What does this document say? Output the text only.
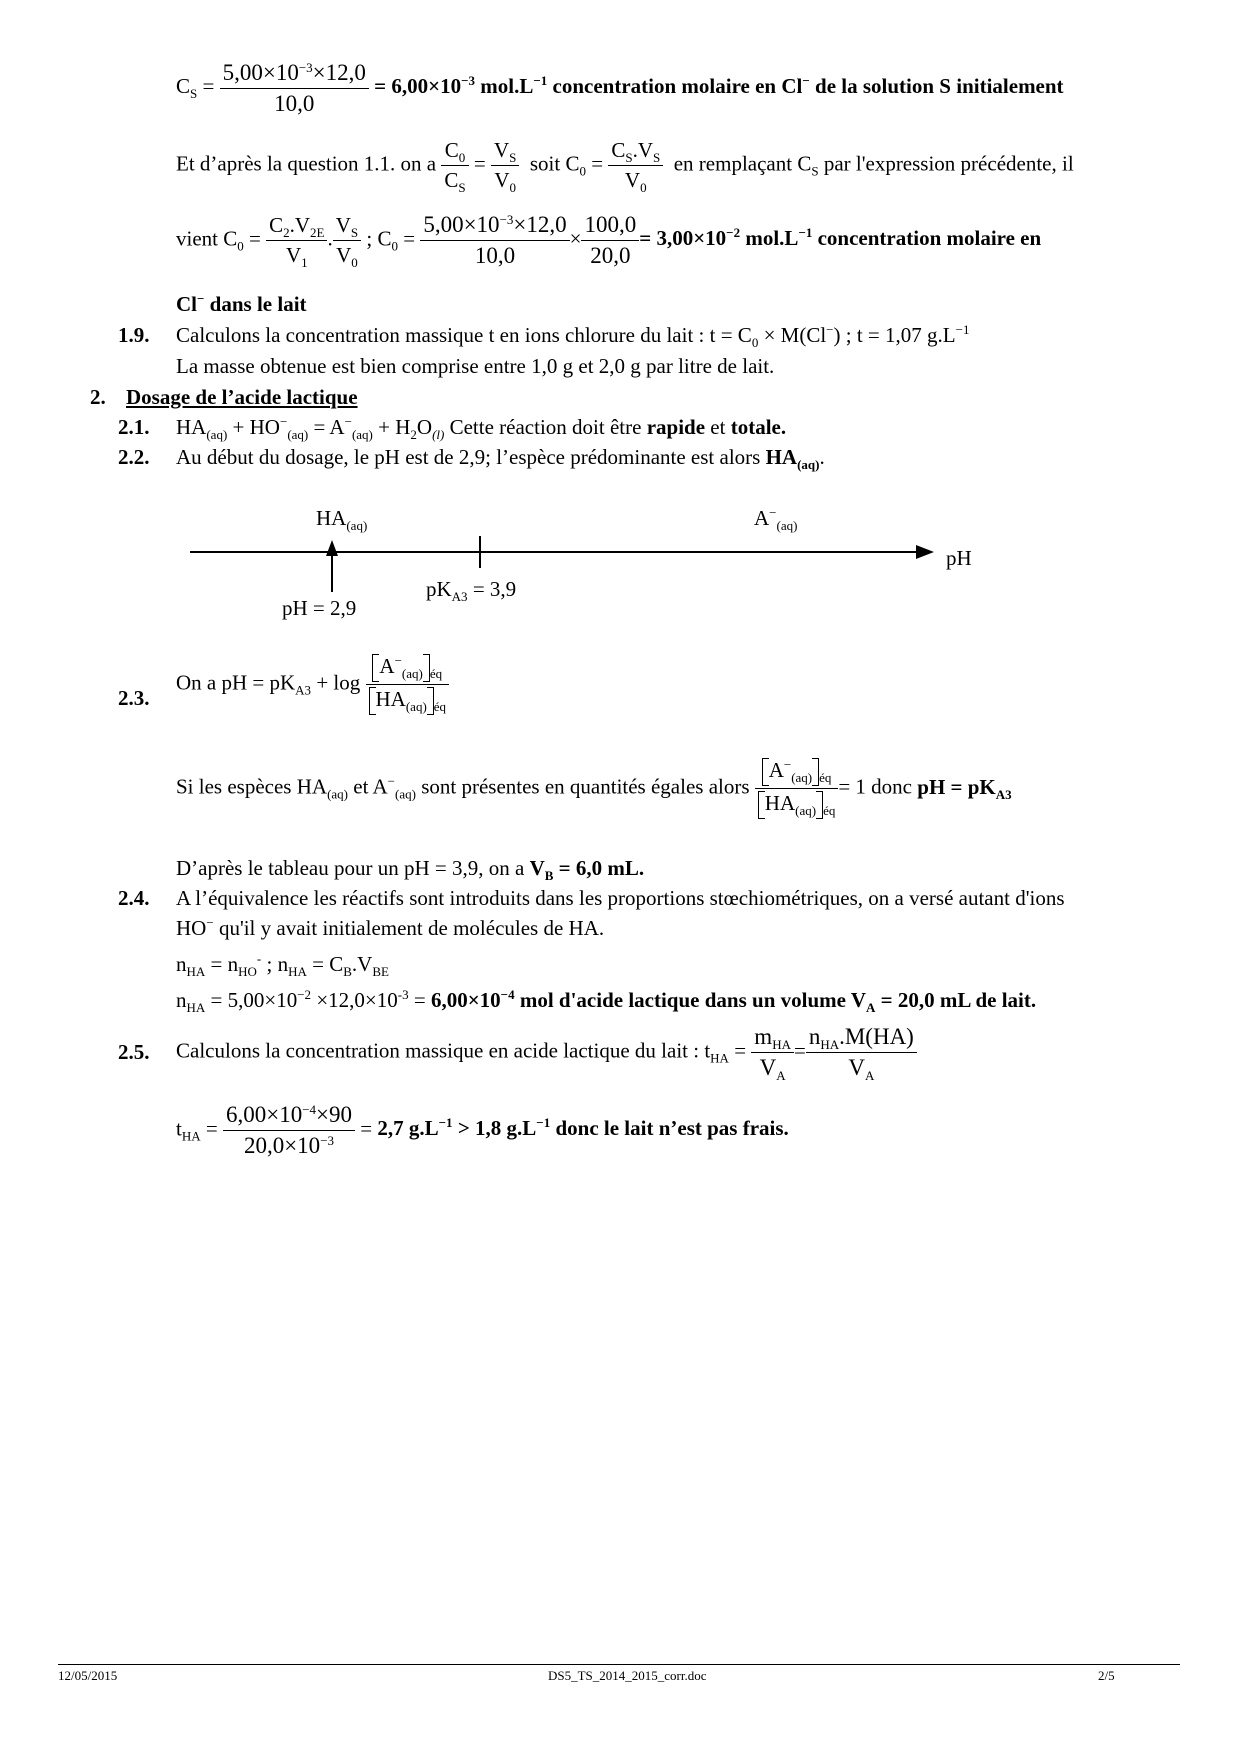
$C_S = \frac{5,00\times 10^{-3}\times 12,0}{10,0} = 6,00\times 10^{-3}$ $mol.L^{-1}$ concentration molaire en Cl− de la solution S initialement
Et d’après la question 1.1. on a $\frac{C_0}{C_S} = \frac{V_S}{V_0}$ soit $C_0 = \frac{C_S.V_S}{V_0}$ en remplaçant $C_S$ par l'expression précédente, il
vient $C_0 = \frac{C_2.V_{2E}}{V_1}$ . $\frac{V_S}{V_0}$ ; $C_0 = \frac{5,00\times 10^{-3}\times 12,0}{10,0} \times \frac{100,0}{20,0} = 3,00\times 10^{-2}$ $mol.L^{-1}$ concentration molaire en
Cl− dans le lait
1.9. Calculons la concentration massique t en ions chlorure du lait : $t = C_0 \times M(Cl^-)$ ; t = 1,07 $g.L^{-1}$
La masse obtenue est bien comprise entre 1,0 g et 2,0 g par litre de lait.
2. Dosage de l’acide lactique
2.1. $HA_{(aq)} + HO^-_{(aq)} = A^-_{(aq)} + H_2O_{(l)}$ Cette réaction doit être rapide et totale.
2.2. Au début du dosage, le pH est de 2,9; l’espèce prédominante est alors $HA_{(aq)}$.
$HA_{(aq)}$	$A^-_{(aq)}$
pH
$pK_{A3} = 3,9$
pH = 2,9
2.3.
On a pH = $pK_{A3} + \log \frac{A^-_{(aq)} _{éq}}{HA_{(aq)} _{éq}}$
Si les espèces $HA_{(aq)}$ et $A^-_{(aq)}$ sont présentes en quantités égales alors $\frac{A^-_{(aq)} _{éq}}{HA_{(aq)} _{éq}} = 1$ donc pH = $pK_{A3}$
D’après le tableau pour un pH = 3,9, on a $V_B = 6,0$ mL.
2.4. A l’équivalence les réactifs sont introduits dans les proportions stœchiométriques, on a versé autant d'ions
HO− qu'il y avait initialement de molécules de HA.
$n_{HA} = n_{HO}^-$ ; $n_{HA} = C_B.V_{BE}$
$n_{HA} = 5,00\times 10^{-2} \times 12,0\times 10^{-3} = 6,00\times 10^{-4}$ mol d'acide lactique dans un volume $V_A = 20,0$ mL de lait.
2.5. Calculons la concentration massique en acide lactique du lait : $t_{HA} = \frac{m_{HA}}{V_A} = \frac{n_{HA}.M(HA)}{V_A}$
$t_{HA} = \frac{6,00\times 10^{-4}\times 90}{20,0\times 10^{-3}} = 2,7$ $g.L^{-1} > 1,8$ $g.L^{-1}$ donc le lait n’est pas frais.
12/05/2015	DS5_TS_2014_2015_corr.doc	2/5
